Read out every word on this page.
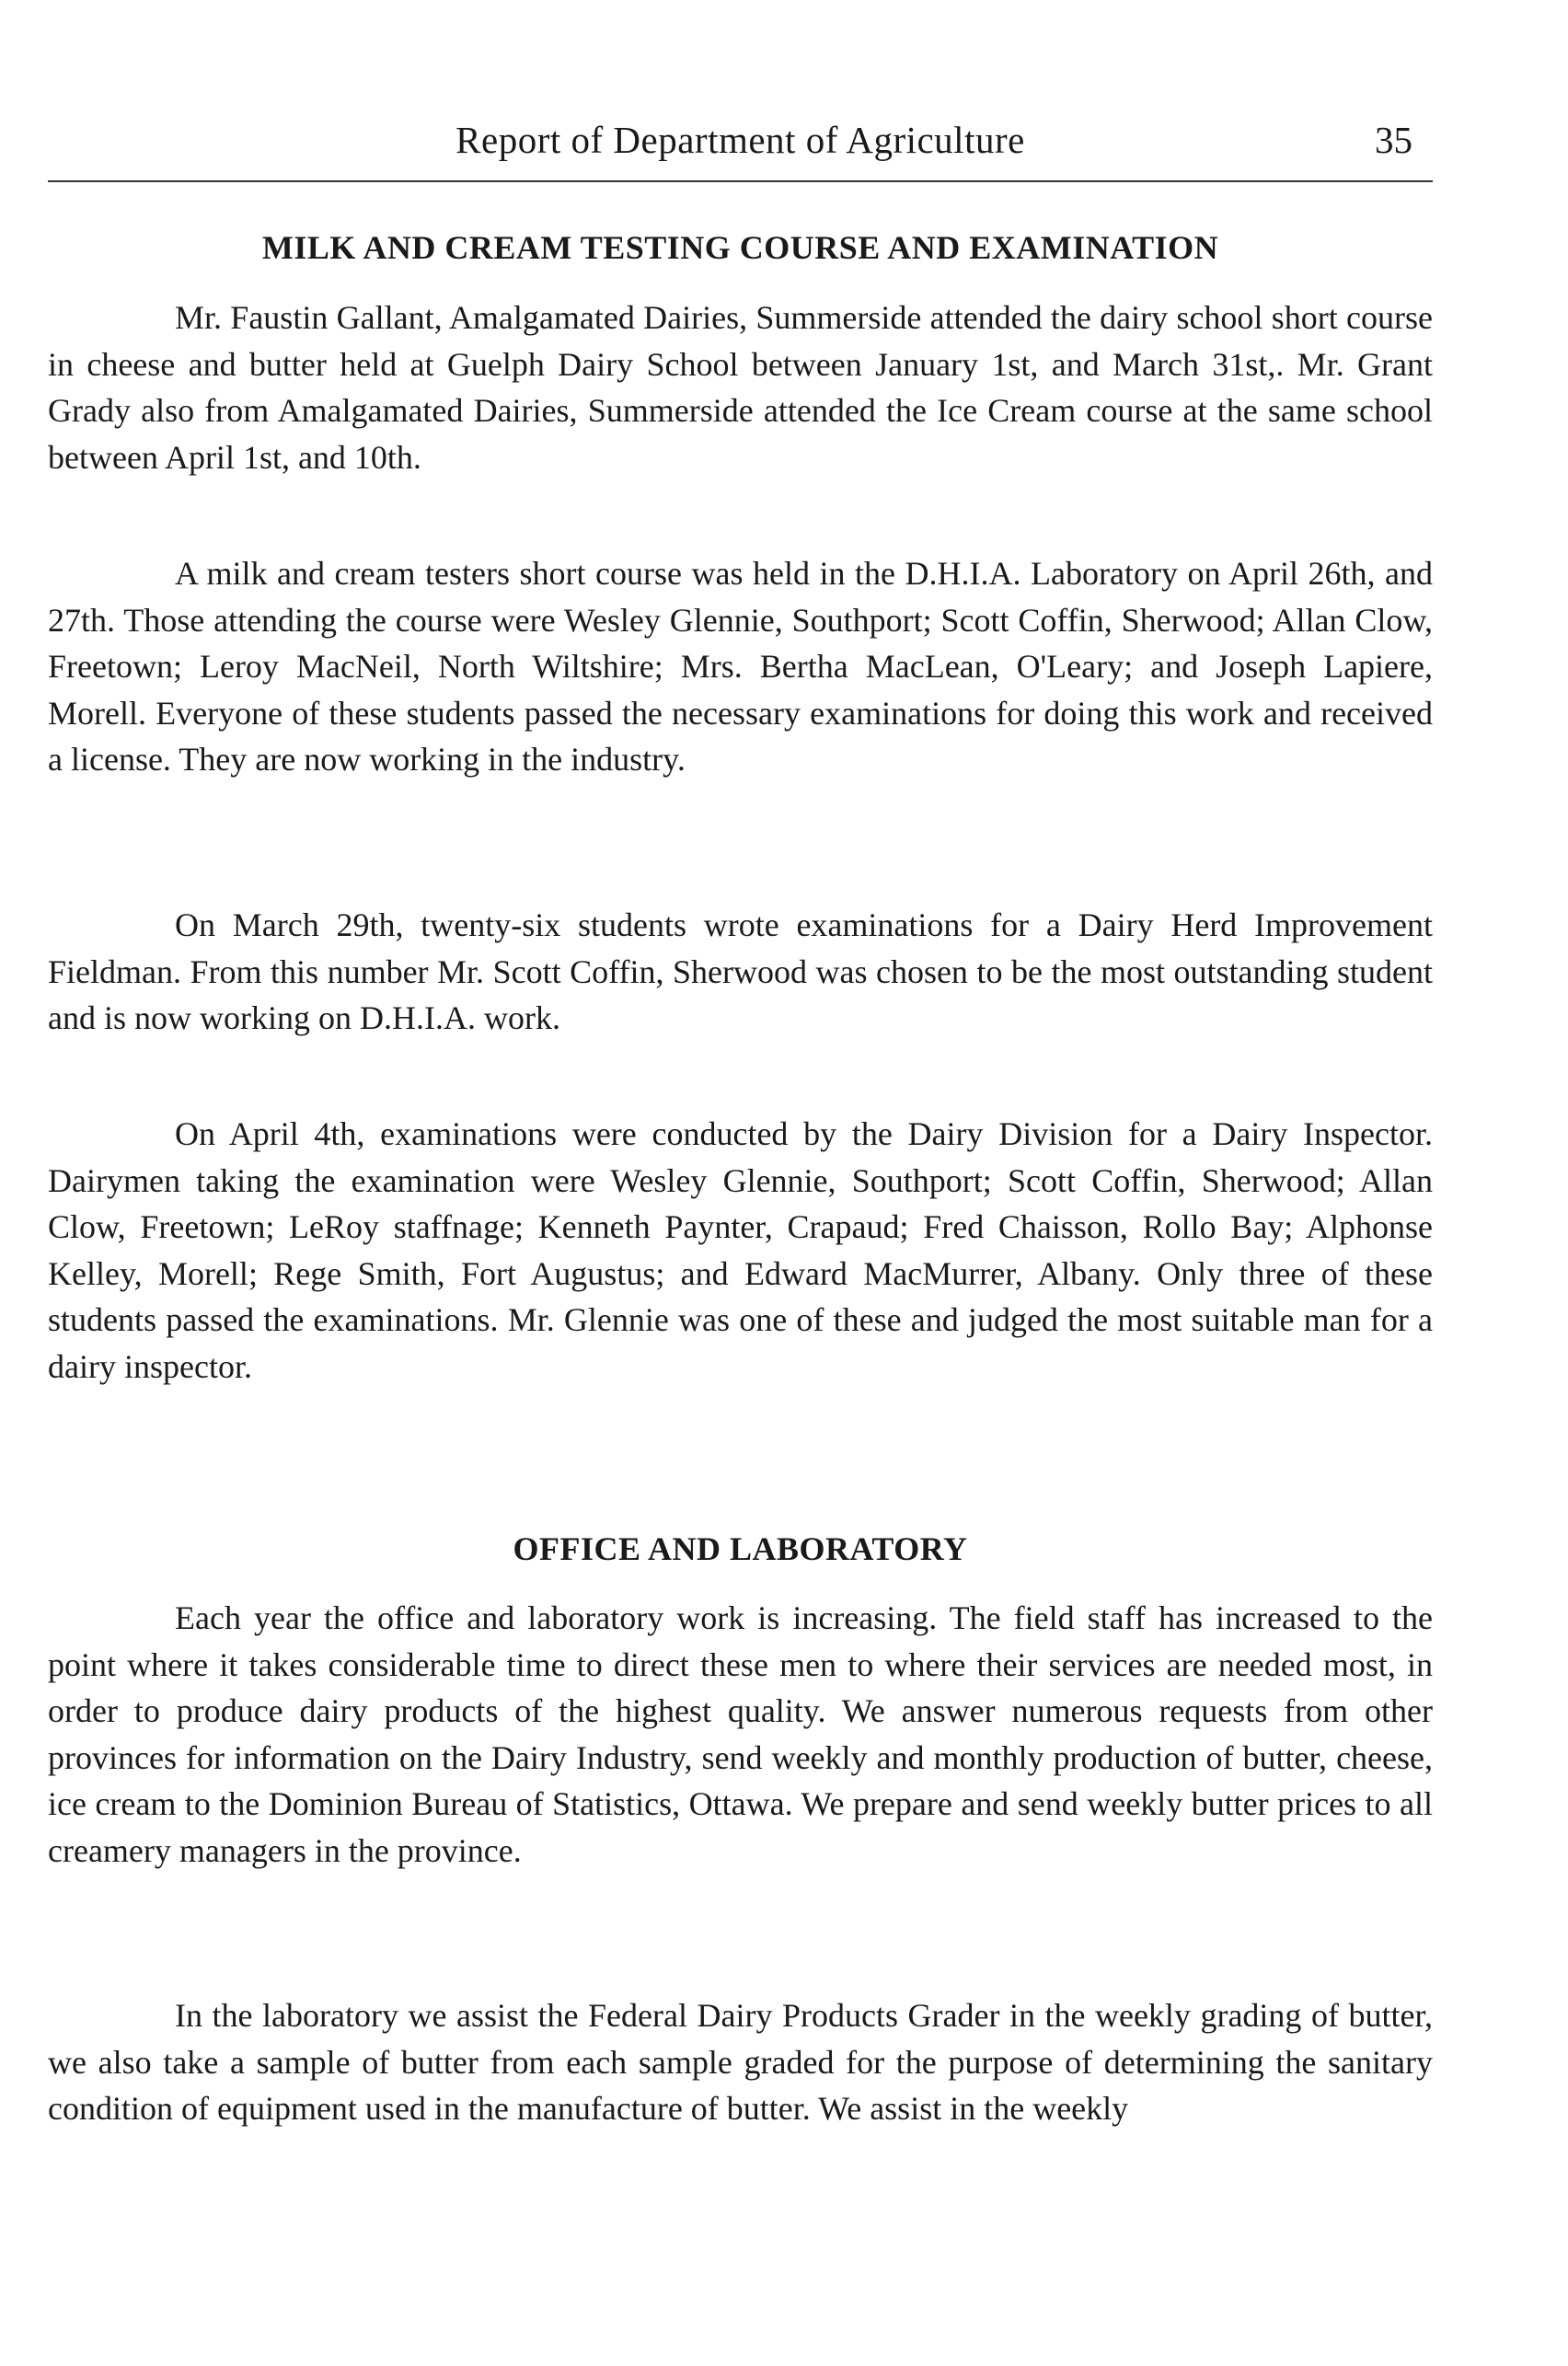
Report of Department of Agriculture	35
MILK AND CREAM TESTING COURSE AND EXAMINATION

Mr. Faustin Gallant, Amalgamated Dairies, Summerside attended the dairy school short course in cheese and butter held at Guelph Dairy School between January 1st, and March 31st,. Mr. Grant Grady also from Amalgamated Dairies, Summerside attended the Ice Cream course at the same school between April 1st, and 10th.

A milk and cream testers short course was held in the D.H.I.A. Laboratory on April 26th, and 27th. Those attending the course were Wesley Glennie, Southport; Scott Coffin, Sherwood; Allan Clow, Freetown; Leroy MacNeil, North Wiltshire; Mrs. Bertha MacLean, O'Leary; and Joseph Lapiere, Morell. Everyone of these students passed the necessary examinations for doing this work and received a license. They are now working in the industry.

On March 29th, twenty-six students wrote examinations for a Dairy Herd Improvement Fieldman. From this number Mr. Scott Coffin, Sherwood was chosen to be the most outstanding student and is now working on D.H.I.A. work.

On April 4th, examinations were conducted by the Dairy Division for a Dairy Inspector. Dairymen taking the examination were Wesley Glennie, Southport; Scott Coffin, Sherwood; Allan Clow, Freetown; LeRoy staffnage; Kenneth Paynter, Crapaud; Fred Chaisson, Rollo Bay; Alphonse Kelley, Morell; Rege Smith, Fort Augustus; and Edward MacMurrer, Albany. Only three of these students passed the examinations. Mr. Glennie was one of these and judged the most suitable man for a dairy inspector.

OFFICE AND LABORATORY

Each year the office and laboratory work is increasing. The field staff has increased to the point where it takes considerable time to direct these men to where their services are needed most, in order to produce dairy products of the highest quality. We answer numerous requests from other provinces for information on the Dairy Industry, send weekly and monthly production of butter, cheese, ice cream to the Dominion Bureau of Statistics, Ottawa. We prepare and send weekly butter prices to all creamery managers in the province.

In the laboratory we assist the Federal Dairy Products Grader in the weekly grading of butter, we also take a sample of butter from each sample graded for the purpose of determining the sanitary condition of equipment used in the manufacture of butter. We assist in the weekly
